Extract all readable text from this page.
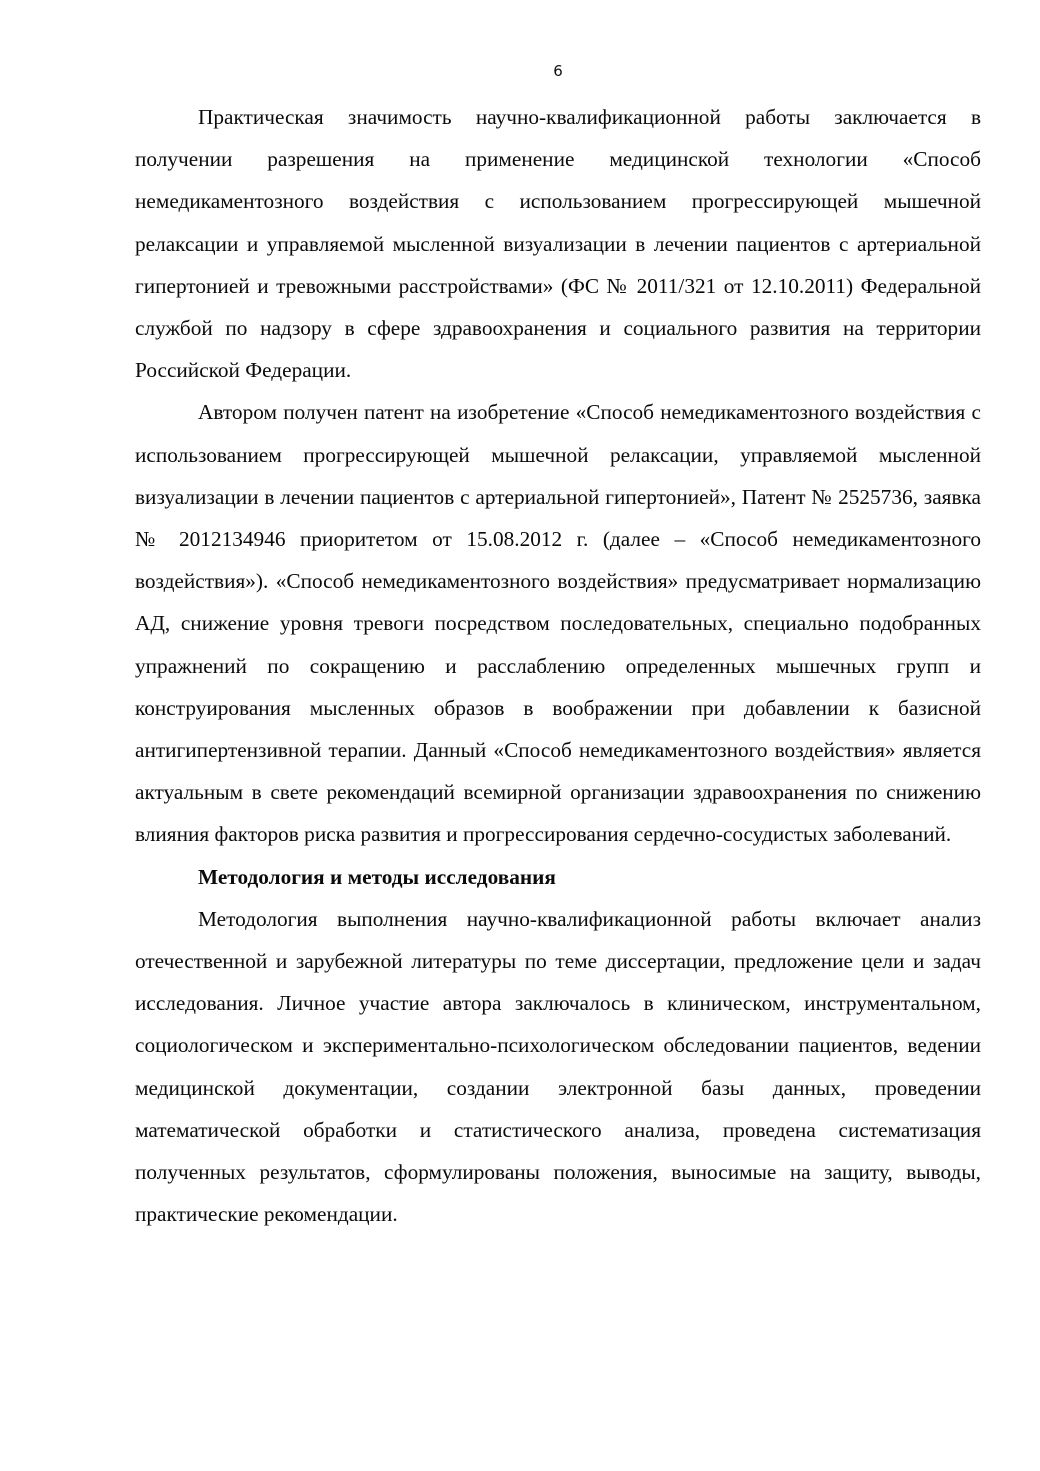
6

Практическая значимость научно-квалификационной работы заключается в получении разрешения на применение медицинской технологии «Способ немедикаментозного воздействия с использованием прогрессирующей мышечной релаксации и управляемой мысленной визуализации в лечении пациентов с артериальной гипертонией и тревожными расстройствами» (ФС № 2011/321 от 12.10.2011) Федеральной службой по надзору в сфере здравоохранения и социального развития на территории Российской Федерации.

Автором получен патент на изобретение «Способ немедикаментозного воздействия с использованием прогрессирующей мышечной релаксации, управляемой мысленной визуализации в лечении пациентов с артериальной гипертонией», Патент № 2525736, заявка № 2012134946 приоритетом от 15.08.2012 г. (далее – «Способ немедикаментозного воздействия»). «Способ немедикаментозного воздействия» предусматривает нормализацию АД, снижение уровня тревоги посредством последовательных, специально подобранных упражнений по сокращению и расслаблению определенных мышечных групп и конструирования мысленных образов в воображении при добавлении к базисной антигипертензивной терапии. Данный «Способ немедикаментозного воздействия» является актуальным в свете рекомендаций всемирной организации здравоохранения по снижению влияния факторов риска развития и прогрессирования сердечно-сосудистых заболеваний.

Методология и методы исследования

Методология выполнения научно-квалификационной работы включает анализ отечественной и зарубежной литературы по теме диссертации, предложение цели и задач исследования. Личное участие автора заключалось в клиническом, инструментальном, социологическом и экспериментально-психологическом обследовании пациентов, ведении медицинской документации, создании электронной базы данных, проведении математической обработки и статистического анализа, проведена систематизация полученных результатов, сформулированы положения, выносимые на защиту, выводы, практические рекомендации.
